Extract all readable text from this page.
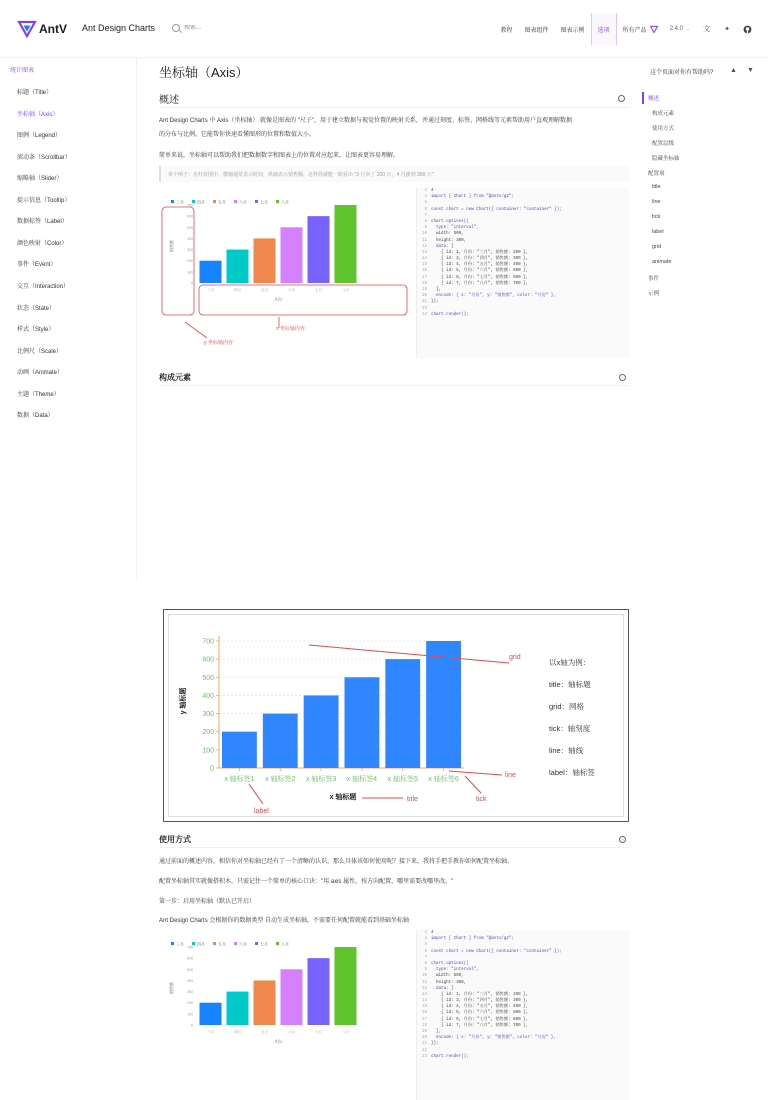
AntV Ant Design Charts
搜索...	教程	图表组件	图表示例	选项	所有产品	2.4.0 ⌄	文	✦
统计图表
标题（Title）
坐标轴（Axis）
图例（Legend）
滚动条（Scrollbar）
缩略轴（Slider）
提示信息（Tooltip）
数据标签（Label）
颜色映射（Color）
事件（Event）
交互（Interaction）
状态（State）
样式（Style）
比例尺（Scale）
动画（Animate）
主题（Theme）
数据（Data）
这个页面对你有帮助吗? ▲ ▼
概述
构成元素
使用方式
配置层级
隐藏坐标轴
配置项
title
line
tick
label
grid
animate
事件
示例
坐标轴（Axis）
概述	·
Ant Design Charts 中 Axis（坐标轴） 就像是图表的 "尺子"，用于建立数据与视觉位置的映射关系，并通过刻度、标签、网格线等元素帮助用户直观理解数据
的分布与比例。它能帮你快速看懂图形的位置和数值大小。
简单来说，坐标轴可以帮助我们把数据数字和图表上的位置对应起来，让图表更容易理解。
举个例子：在柱状图中，横轴通常表示时间，纵轴表示销售额，这样你就能一眼看出 "3 月卖了 200 万，4 月涨到 300 万"
三月	四月	五月	六月	七月	八月
0
100
200
300
400
500
600
700
销售额
三月	四月	五月	六月	七月	八月
月份
y 坐标轴内容
x 坐标轴内容
3 4
4 import { Chart } from "@antv/g2";
5
6 const chart = new Chart({ container: "container" });
7
8 chart.options({
9  type: "interval",
10  width: 500,
11  height: 300,
12  data: [
13    { id: 1, 月份: "三月", 销售额: 200 },
14    { id: 3, 月份: "四月", 销售额: 300 },
15    { id: 4, 月份: "五月", 销售额: 400 },
16    { id: 5, 月份: "六月", 销售额: 500 },
17    { id: 6, 月份: "七月", 销售额: 600 },
18    { id: 7, 月份: "八月", 销售额: 700 },
19  ],
20  encode: { x: "月份", y: "销售额", color: "月份" },
21 });
22
23 chart.render();
构成元素	−
0
100
200
300
400
500
600
700
x 轴标签1 x 轴标签2 x 轴标签3 x 轴标签4 x 轴标签5 x 轴标签6
y 轴标题
x 轴标题
grid
line
tick
title
label
以x轴为例：
title：轴标题
grid：网格
tick：轴刻度
line：轴线
label：轴标签
使用方式	−
通过前面的概述内容，相信你对坐标轴已经有了一个清晰的认识。那么具体该如何使用呢？接下来，我将手把手教你如何配置坐标轴。
配置坐标轴其实就像搭积木，只需记住一个简单的核心口诀："用 axis 属性，按方向配置，哪里需要改哪里改。"
第一步：启用坐标轴（默认已开启）
Ant Design Charts 会根据你的数据类型 自动生成坐标轴，不需要任何配置就能看到基础坐标轴
三月	四月	五月	六月	七月	八月
0
100
200
300
400
500
600
700
销售额
三月	四月	五月	六月	七月	八月
月份
3 4
4 import { Chart } from "@antv/g2";
5
6 const chart = new Chart({ container: "container" });
7
8 chart.options({
9  type: "interval",
10  width: 500,
11  height: 300,
12  data: [
13    { id: 1, 月份: "三月", 销售额: 200 },
14    { id: 3, 月份: "四月", 销售额: 300 },
15    { id: 4, 月份: "五月", 销售额: 400 },
16    { id: 5, 月份: "六月", 销售额: 500 },
17    { id: 6, 月份: "七月", 销售额: 600 },
18    { id: 7, 月份: "八月", 销售额: 700 },
19  ],
20  encode: { x: "月份", y: "销售额", color: "月份" },
21 });
22
23 chart.render();
